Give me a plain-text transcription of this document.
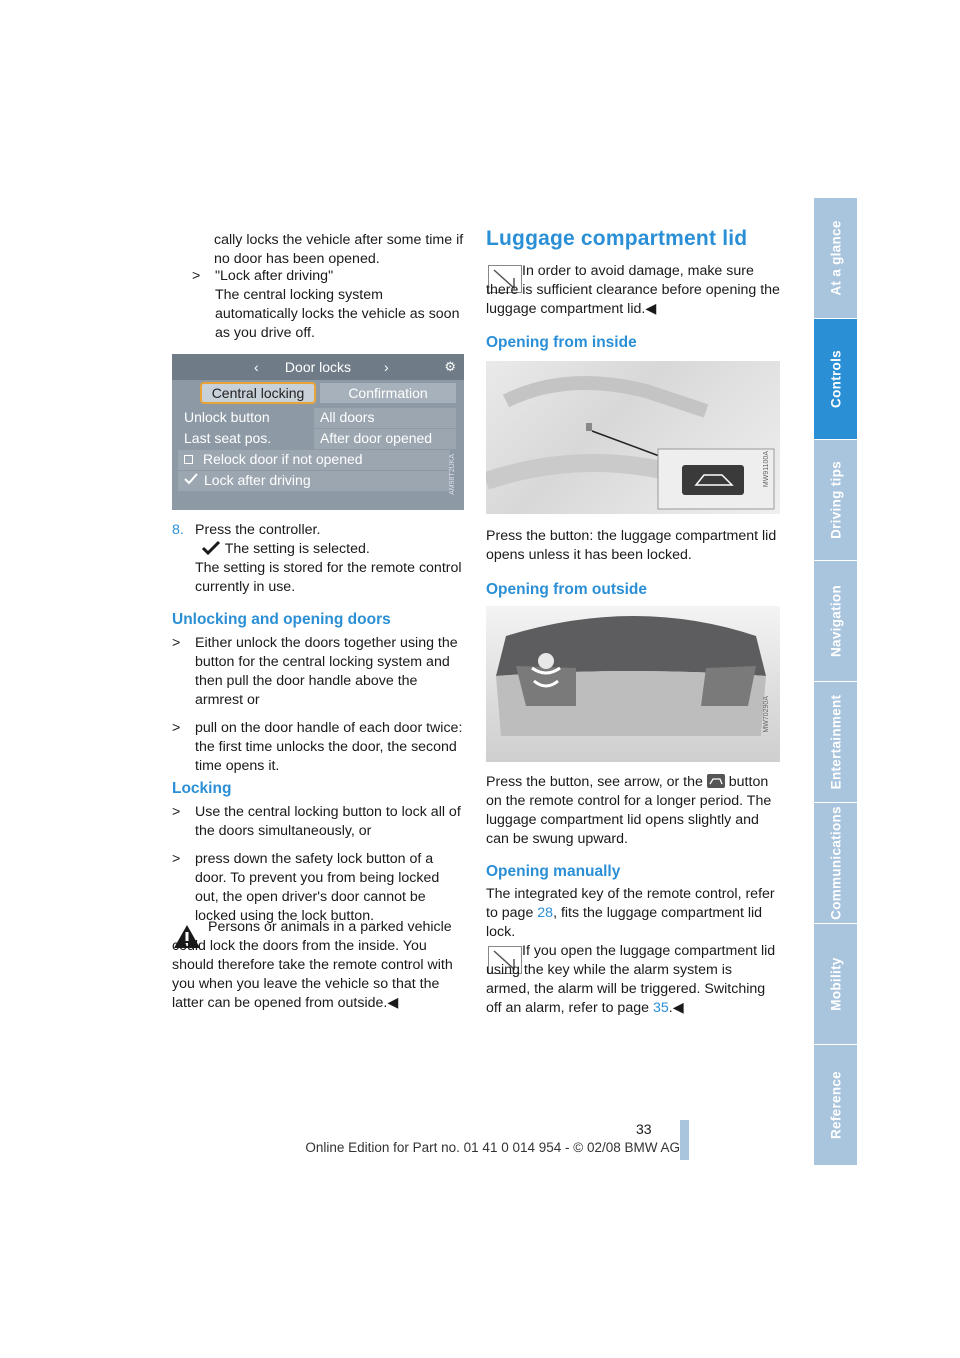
cally locks the vehicle after some time if

no door has been opened.

> "Lock after driving"

The central locking system automatically locks the vehicle as soon as you drive off.

‹ Door locks ›	⚙
Central locking	Confirmation
Unlock button	All doors
Last seat pos.	After door opened
Relock door if not opened
Lock after driving	AM98T2UKA
8. Press the controller.

The setting is selected.

The setting is stored for the remote control currently in use.

Unlocking and opening doors
> Either unlock the doors together using the button for the central locking system and then pull the door handle above the armrest or

> pull on the door handle of each door twice: the first time unlocks the door, the second time opens it.

Locking
> Use the central locking button to lock all of the doors simultaneously, or

> press down the safety lock button of a door. To prevent you from being locked out, the open driver's door cannot be locked using the lock button.

Persons or animals in a parked vehicle could lock the doors from the inside. You should therefore take the remote control with you when you leave the vehicle so that the latter can be opened from outside.◀

Luggage compartment lid

In order to avoid damage, make sure there is sufficient clearance before opening the luggage compartment lid.◀

Opening from inside
MW91100A

Press the button: the luggage compartment lid opens unless it has been locked.

Opening from outside
MW70290A

Press the button, see arrow, or the button on the remote control for a longer period. The luggage compartment lid opens slightly and can be swung upward.

Opening manually

The integrated key of the remote control, refer to page 28, fits the luggage compartment lid lock.

If you open the luggage compartment lid using the key while the alarm system is armed, the alarm will be triggered. Switching off an alarm, refer to page 35.◀

At a glance
Controls
Driving tips
Navigation
Entertainment
Communications
Mobility
Reference
33
Online Edition for Part no. 01 41 0 014 954 - © 02/08 BMW AG
